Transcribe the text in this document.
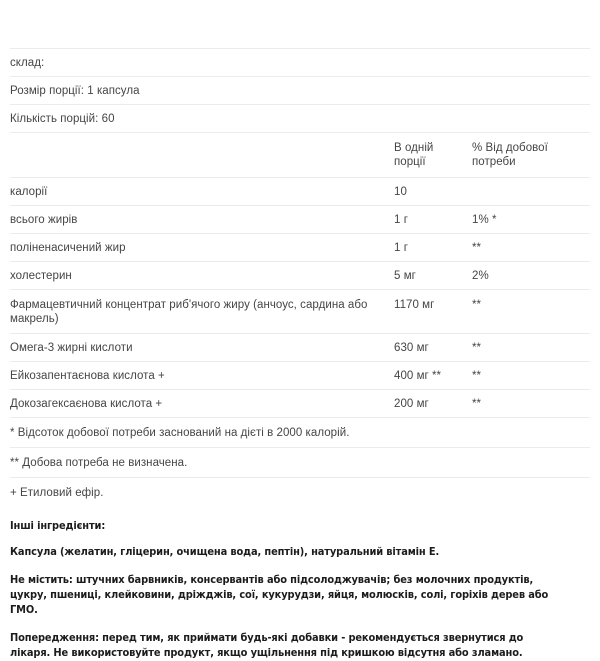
склад:		
Розмір порції: 1 капсула		
Кількість порцій: 60		

	В одній порції	% Від добової потреби

калорії	10	
всього жирів	1 г	1% *
поліненасичений жир	1 г	**
холестерин	5 мг	2%
Фармацевтичний концентрат риб'ячого жиру (анчоус, сардина або макрель)	1170 мг	**
Омега-3 жирні кислоти	630 мг	**
Ейкозапентаєнова кислота +	400 мг **	**
Докозагексаєнова кислота +	200 мг	**
* Відсоток добової потреби заснований на дієті в 2000 калорій.		
** Добова потреба не визначена.		
+ Етиловий ефір.		

Інші інгредієнти:

Капсула (желатин, гліцерин, очищена вода, пептін), натуральний вітамін Е.

Не містить: штучних барвників, консервантів або підсолоджувачів; без молочних продуктів, цукру, пшениці, клейковини, дріжджів, сої, кукурудзи, яйця, молюсків, солі, горіхів дерев або ГМО.

Попередження: перед тим, як приймати будь-які добавки - рекомендується звернутися до лікаря. Не використовуйте продукт, якщо ущільнення під кришкою відсутня або зламано.
